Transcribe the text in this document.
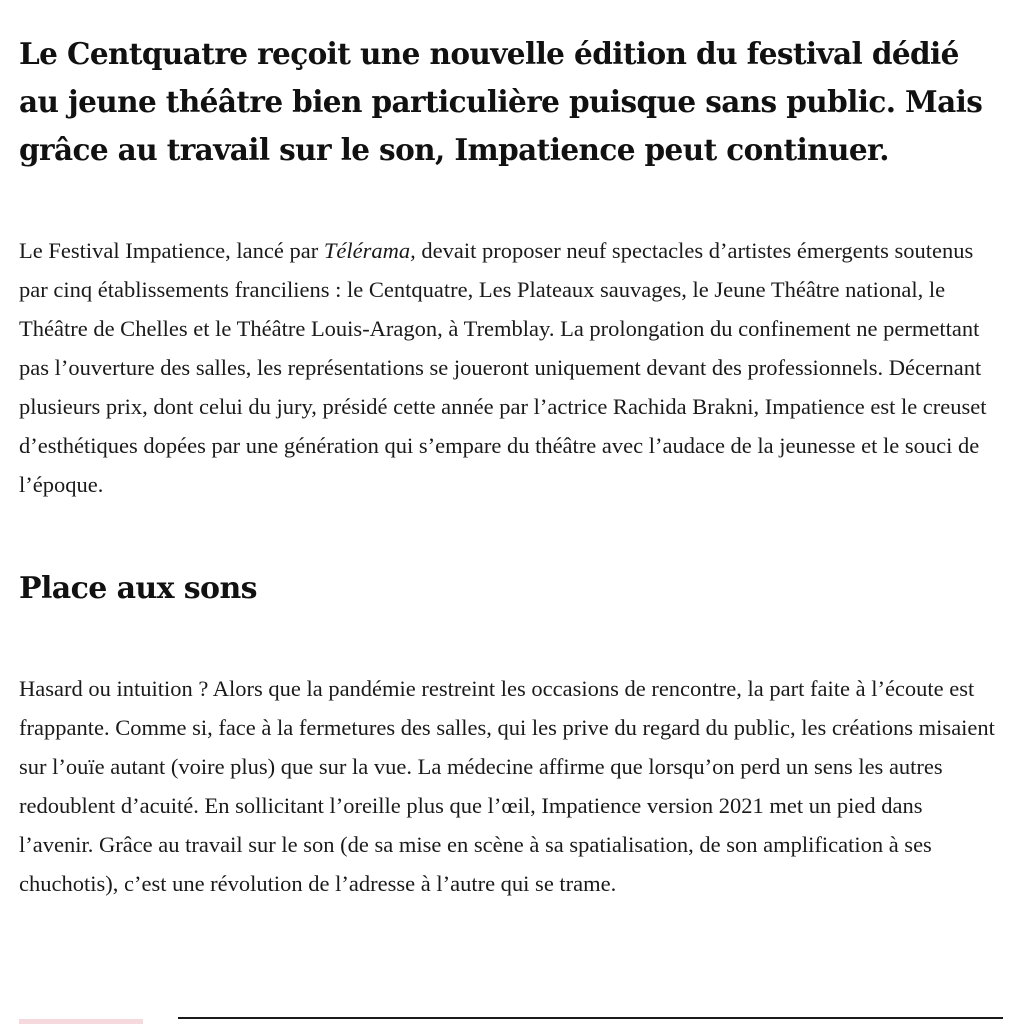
Le Centquatre reçoit une nouvelle édition du festival dédié au jeune théâtre bien particulière puisque sans public. Mais grâce au travail sur le son, Impatience peut continuer.

Le Festival Impatience, lancé par Télérama, devait proposer neuf spectacles d’artistes émergents soutenus par cinq établissements franciliens : le Centquatre, Les Plateaux sauvages, le Jeune Théâtre national, le Théâtre de Chelles et le Théâtre Louis-Aragon, à Tremblay. La prolongation du confinement ne permettant pas l’ouverture des salles, les représentations se joueront uniquement devant des professionnels. Décernant plusieurs prix, dont celui du jury, présidé cette année par l’actrice Rachida Brakni, Impatience est le creuset d’esthétiques dopées par une génération qui s’empare du théâtre avec l’audace de la jeunesse et le souci de l’époque.

Place aux sons

Hasard ou intuition ? Alors que la pandémie restreint les occasions de rencontre, la part faite à l’écoute est frappante. Comme si, face à la fermetures des salles, qui les prive du regard du public, les créations misaient sur l’ouïe autant (voire plus) que sur la vue. La médecine affirme que lorsqu’on perd un sens les autres redoublent d’acuité. En sollicitant l’oreille plus que l’œil, Impatience version 2021 met un pied dans l’avenir. Grâce au travail sur le son (de sa mise en scène à sa spatialisation, de son amplification à ses chuchotis), c’est une révolution de l’adresse à l’autre qui se trame.
